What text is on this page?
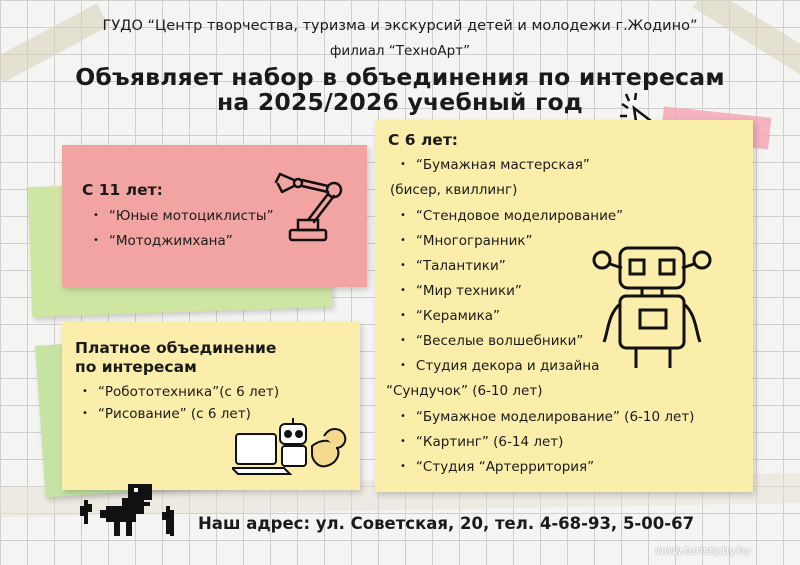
ГУДО “Центр творчества, туризма и экскурсий детей и молодежи г.Жодино”
филиал “ТехноАрт”
Объявляет набор в объединения по интересам
на 2025/2026 учебный год
С 11 лет:
• “Юные мотоциклисты”
• “Мотоджимхана”
Платное объединение
по интересам
• “Робототехника”(с 6 лет)
• “Рисование” (с 6 лет)
С 6 лет:
• “Бумажная мастерская”
(бисер, квиллинг)
• “Стендовое моделирование”
• “Многогранник”
• “Талантики”
• “Мир техники”
• “Керамика”
• “Веселые волшебники”
• Студия декора и дизайна
“Сундучок” (6-10 лет)
• “Бумажное моделирование” (6-10 лет)
• “Картинг” (6-14 лет)
• “Студия “Артерритория”
Наш адрес: ул. Советская, 20, тел. 4-68-93, 5-00-67
www.turisty.by.by
